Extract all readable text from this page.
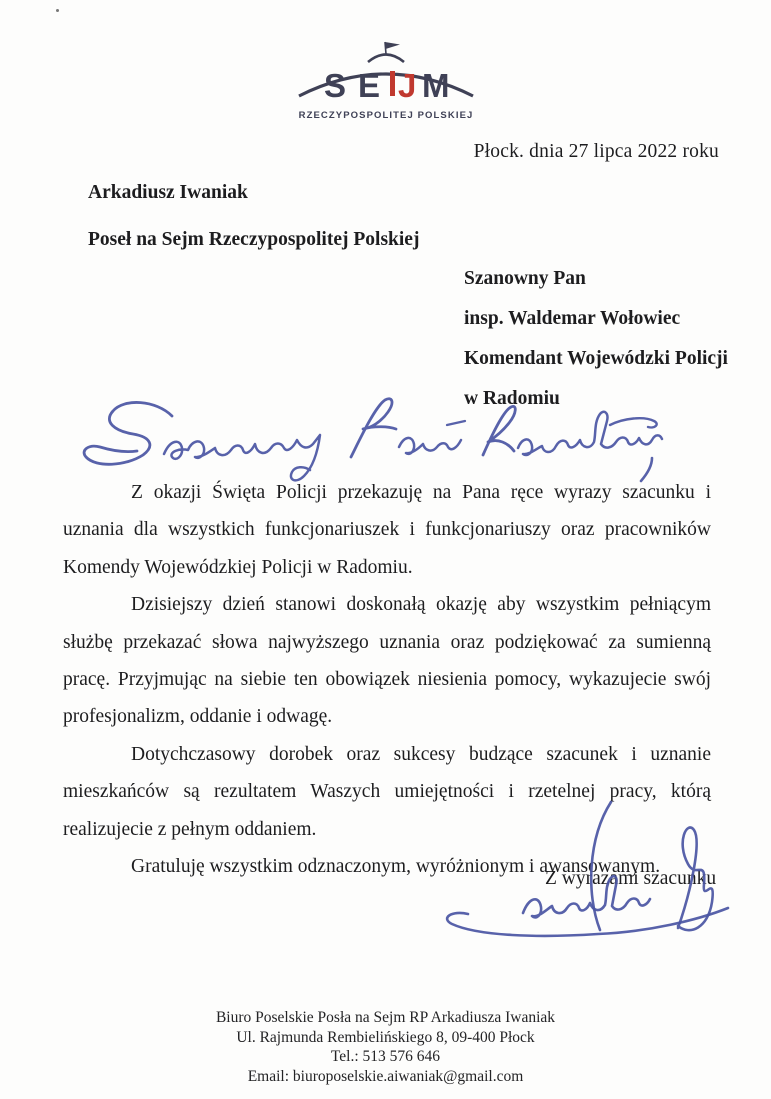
S E J M
RZECZYPOSPOLITEJ POLSKIEJ
Płock. dnia 27 lipca 2022 roku

Arkadiusz Iwaniak

Poseł na Sejm Rzeczypospolitej Polskiej

Szanowny Pan

insp. Waldemar Wołowiec

Komendant Wojewódzki Policji

w Radomiu

Z okazji Święta Policji przekazuję na Pana ręce wyrazy szacunku i uznania dla wszystkich funkcjonariuszek i funkcjonariuszy oraz pracowników Komendy Wojewódzkiej Policji w Radomiu.

Dzisiejszy dzień stanowi doskonałą okazję aby wszystkim pełniącym służbę przekazać słowa najwyższego uznania oraz podziękować za sumienną pracę. Przyjmując na siebie ten obowiązek niesienia pomocy, wykazujecie swój profesjonalizm, oddanie i odwagę.

Dotychczasowy dorobek oraz sukcesy budzące szacunek i uznanie mieszkańców są rezultatem Waszych umiejętności i rzetelnej pracy, którą realizujecie z pełnym oddaniem.

Gratuluję wszystkim odznaczonym, wyróżnionym i awansowanym.

Z wyrazami szacunku

Biuro Poselskie Posła na Sejm RP Arkadiusza Iwaniak

Ul. Rajmunda Rembielińskiego 8, 09-400 Płock

Tel.: 513 576 646

Email: biuroposelskie.aiwaniak@gmail.com
